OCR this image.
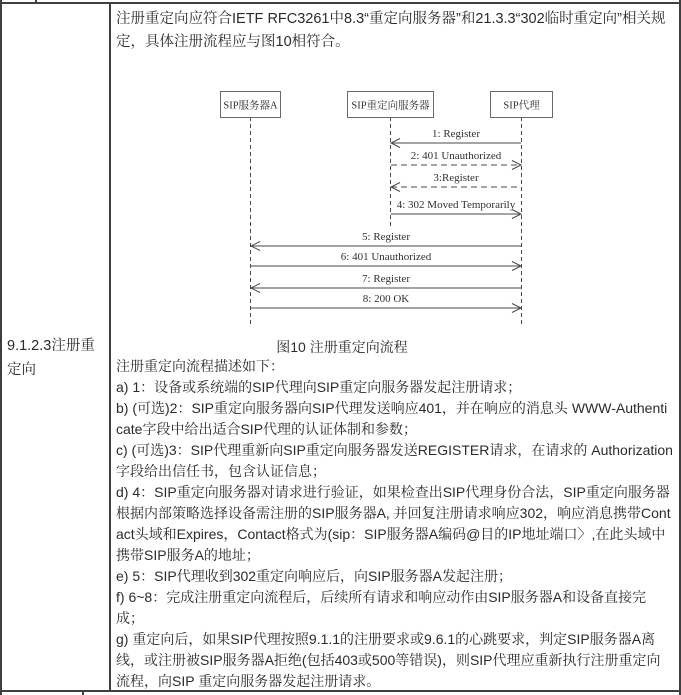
9.1.2.3注册重定向

注册重定向应符合IETF RFC3261中8.3“重定向服务器”和21.3.3“302临时重定向”相关规定，具体注册流程应与图10相符合。

SIP服务器A	SIP重定向服务器	SIP代理
1: Register
2: 401 Unauthorized
3:Register
4: 302 Moved Temporarily
5: Register
6: 401 Unauthorized
7: Register
8: 200 OK
图10 注册重定向流程

注册重定向流程描述如下：

a) 1：设备或系统端的SIP代理向SIP重定向服务器发起注册请求；

b) (可选)2：SIP重定向服务器向SIP代理发送响应401，并在响应的消息头 WWW-Authenticate字段中给出适合SIP代理的认证体制和参数；

c) (可选)3：SIP代理重新向SIP重定向服务器发送REGISTER请求，在请求的 Authorization字段给出信任书，包含认证信息；

d) 4：SIP重定向服务器对请求进行验证，如果检查出SIP代理身份合法，SIP重定向服务器根据内部策略选择设备需注册的SIP服务器A, 并回复注册请求响应302，响应消息携带Contact头域和Expires，Contact格式为(sip：SIP服务器A编码@目的IP地址端口〉,在此头域中携带SIP服务A的地址；

e) 5：SIP代理收到302重定向响应后，向SIP服务器A发起注册；

f) 6~8：完成注册重定向流程后，后续所有请求和响应动作由SIP服务器A和设备直接完成；

g) 重定向后，如果SIP代理按照9.1.1的注册要求或9.6.1的心跳要求，判定SIP服务器A离线，或注册被SIP服务器A拒绝(包括403或500等错误)，则SIP代理应重新执行注册重定向流程，向SIP 重定向服务器发起注册请求。
